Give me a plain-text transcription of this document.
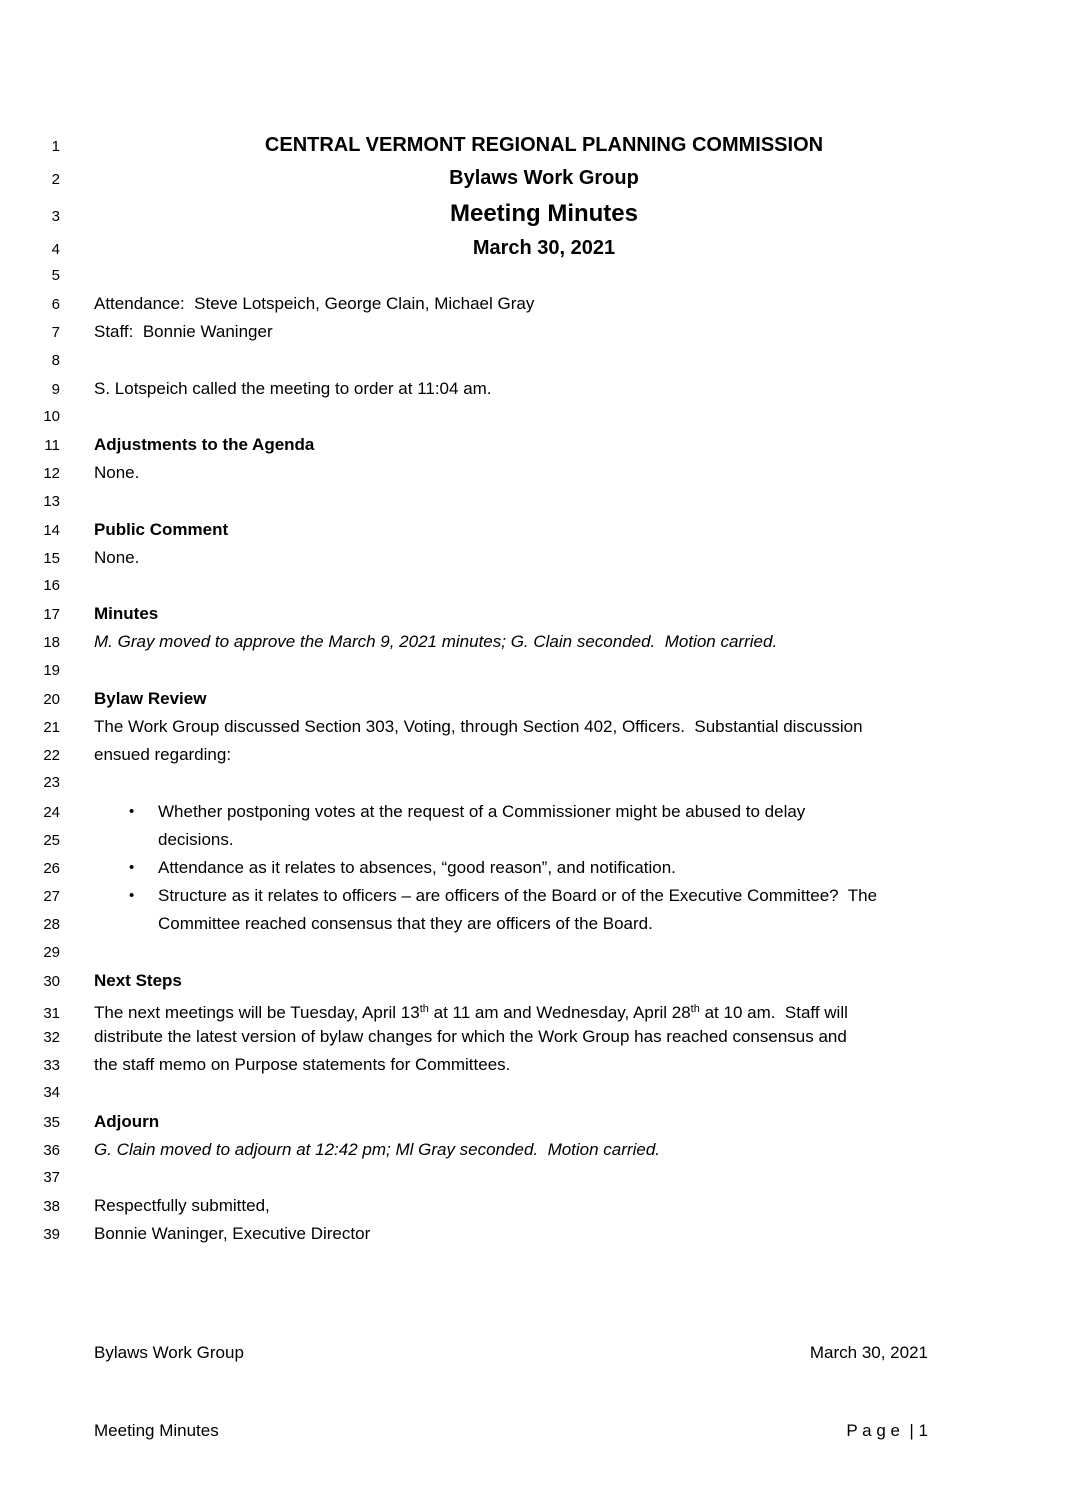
1	CENTRAL VERMONT REGIONAL PLANNING COMMISSION
2	Bylaws Work Group
3	Meeting Minutes
4	March 30, 2021
5
6 Attendance:  Steve Lotspeich, George Clain, Michael Gray
7 Staff:  Bonnie Waninger
8
9 S. Lotspeich called the meeting to order at 11:04 am.
10
11 Adjustments to the Agenda
12 None.
13
14 Public Comment
15 None.
16
17 Minutes
18 M. Gray moved to approve the March 9, 2021 minutes; G. Clain seconded.  Motion carried.
19
20 Bylaw Review
21 The Work Group discussed Section 303, Voting, through Section 402, Officers.  Substantial discussion
22 ensued regarding:
23
24	• Whether postponing votes at the request of a Commissioner might be abused to delay
25	decisions.
26	• Attendance as it relates to absences, “good reason”, and notification.
27	• Structure as it relates to officers – are officers of the Board or of the Executive Committee?  The
28	Committee reached consensus that they are officers of the Board.
29
30 Next Steps
31 The next meetings will be Tuesday, April 13th at 11 am and Wednesday, April 28th at 10 am.  Staff will
32 distribute the latest version of bylaw changes for which the Work Group has reached consensus and
33 the staff memo on Purpose statements for Committees.
34
35 Adjourn
36 G. Clain moved to adjourn at 12:42 pm; Ml Gray seconded.  Motion carried.
37
38 Respectfully submitted,
39 Bonnie Waninger, Executive Director

Bylaws Work Group

Meeting Minutes

March 30, 2021

P a g e  | 1
